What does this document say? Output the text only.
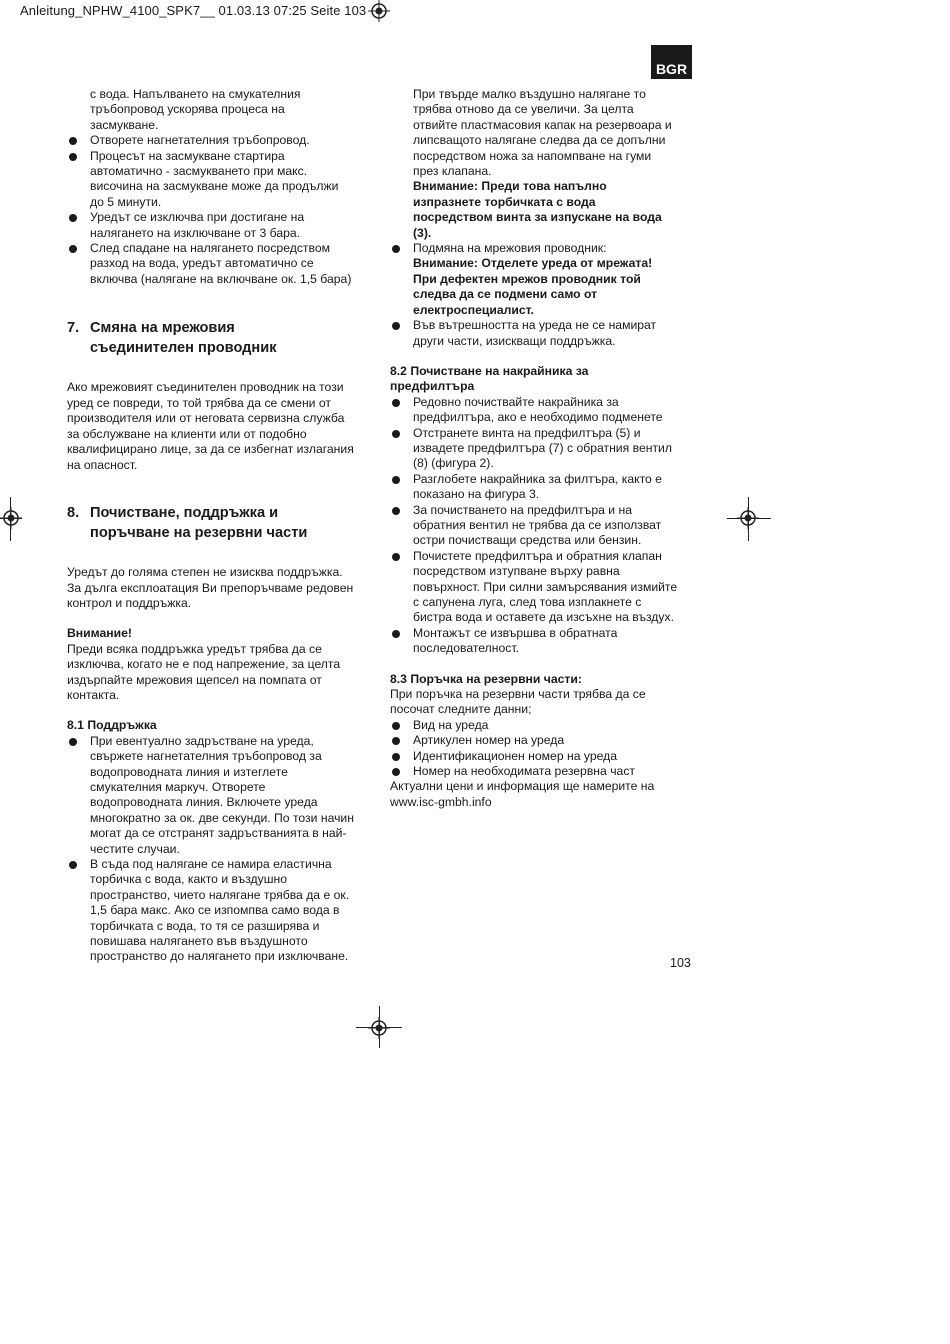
Anleitung_NPHW_4100_SPK7__ 01.03.13 07:25 Seite 103
BGR
с вода. Напълването на смукателния
тръбопровод ускорява процеса на
засмукване.
Отворете нагнетателния тръбопровод.
Процесът на засмукване стартира
автоматично - засмукването при макс.
височина на засмукване може да продължи
до 5 минути.
Уредът се изключва при достигане на
налягането на изключване от 3 бара.
След спадане на налягането посредством
разход на вода, уредът автоматично се
включва (налягане на включване ок. 1,5 бара)
7. Смяна на мрежовия
съединителен проводник
Ако мрежовият съединителен проводник на този
уред се повреди, то той трябва да се смени от
производителя или от неговата сервизна служба
за обслужване на клиенти или от подобно
квалифицирано лице, за да се избегнат излагания
на опасност.
8. Почистване, поддръжка и
поръчване на резервни части
Уредът до голяма степен не изисква поддръжка.
За дълга експлоатация Ви препоръчваме редовен
контрол и поддръжка.
Внимание!
Преди всяка поддръжка уредът трябва да се
изключва, когато не е под напрежение, за целта
издърпайте мрежовия щепсел на помпата от
контакта.
8.1 Поддръжка
При евентуално задръстване на уреда,
свържете нагнетателния тръбопровод за
водопроводната линия и изтеглете
смукателния маркуч. Отворете
водопроводната линия. Включете уреда
многократно за ок. две секунди. По този начин
могат да се отстранят задръстванията в най-
честите случаи.
В съда под налягане се намира еластична
торбичка с вода, както и въздушно
пространство, чието налягане трябва да е ок.
1,5 бара макс. Ако се изпомпва само вода в
торбичката с вода, то тя се разширява и
повишава налягането във въздушното
пространство до налягането при изключване.
При твърде малко въздушно налягане то
трябва отново да се увеличи. За целта
отвийте пластмасовия капак на резервоара и
липсващото налягане следва да се допълни
посредством ножа за напомпване на гуми
през клапана.
Внимание: Преди това напълно
изпразнете торбичката с вода
посредством винта за изпускане на вода
(3).
Подмяна на мрежовия проводник:
Внимание: Отделете уреда от мрежата!
При дефектен мрежов проводник той
следва да се подмени само от
електроспециалист.
Във вътрешността на уреда не се намират
други части, изискващи поддръжка.
8.2 Почистване на накрайника за
предфилтъра
Редовно почиствайте накрайника за
предфилтъра, ако е необходимо подменете
Отстранете винта на предфилтъра (5) и
извадете предфилтъра (7) с обратния вентил
(8) (фигура 2).
Разглобете накрайника за филтъра, както е
показано на фигура 3.
За почистването на предфилтъра и на
обратния вентил не трябва да се използват
остри почистващи средства или бензин.
Почистете предфилтъра и обратния клапан
посредством изтупване върху равна
повърхност. При силни замърсявания измийте
с сапунена луга, след това изплакнете с
бистра вода и оставете да изсъхне на въздух.
Монтажът се извършва в обратната
последователност.
8.3 Поръчка на резервни части:
При поръчка на резервни части трябва да се
посочат следните данни;
Вид на уреда
Артикулен номер на уреда
Идентификационен номер на уреда
Номер на необходимата резервна част
Актуални цени и информация ще намерите на
www.isc-gmbh.info
103
